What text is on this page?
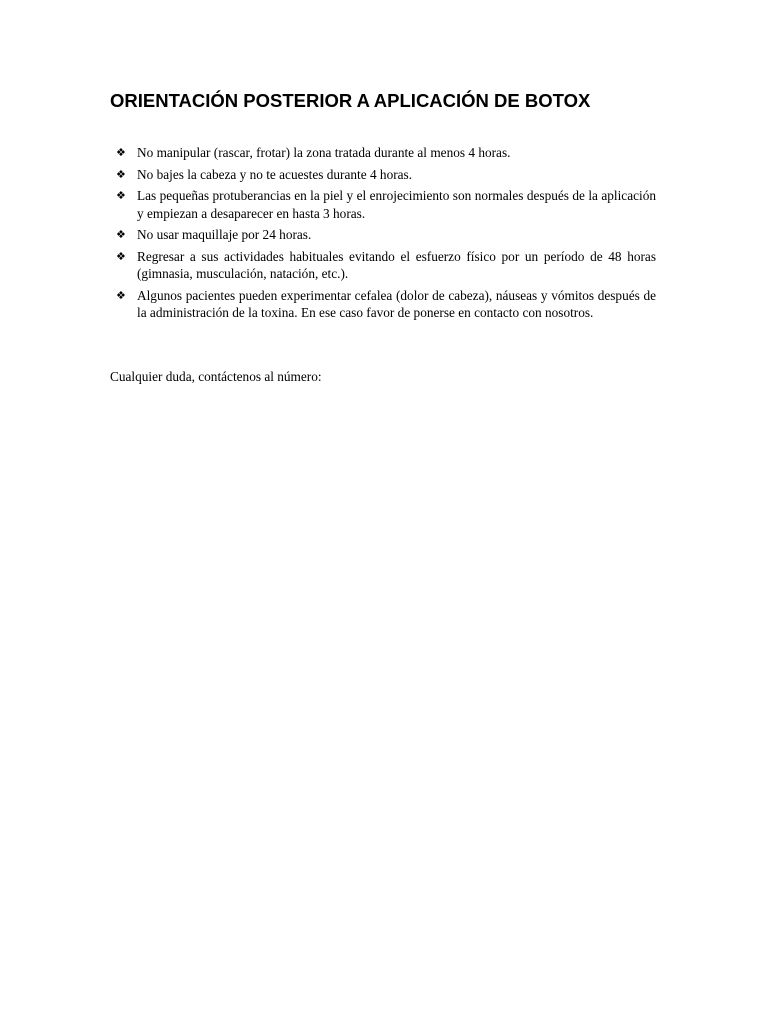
ORIENTACIÓN POSTERIOR A APLICACIÓN DE BOTOX
❖ No manipular (rascar, frotar) la zona tratada durante al menos 4 horas.
❖ No bajes la cabeza y no te acuestes durante 4 horas.
❖ Las pequeñas protuberancias en la piel y el enrojecimiento son normales después de la aplicación y empiezan a desaparecer en hasta 3 horas.
❖ No usar maquillaje por 24 horas.
❖ Regresar a sus actividades habituales evitando el esfuerzo físico por un período de 48 horas (gimnasia, musculación, natación, etc.).
❖ Algunos pacientes pueden experimentar cefalea (dolor de cabeza), náuseas y vómitos después de la administración de la toxina. En ese caso favor de ponerse en contacto con nosotros.

Cualquier duda, contáctenos al número:
